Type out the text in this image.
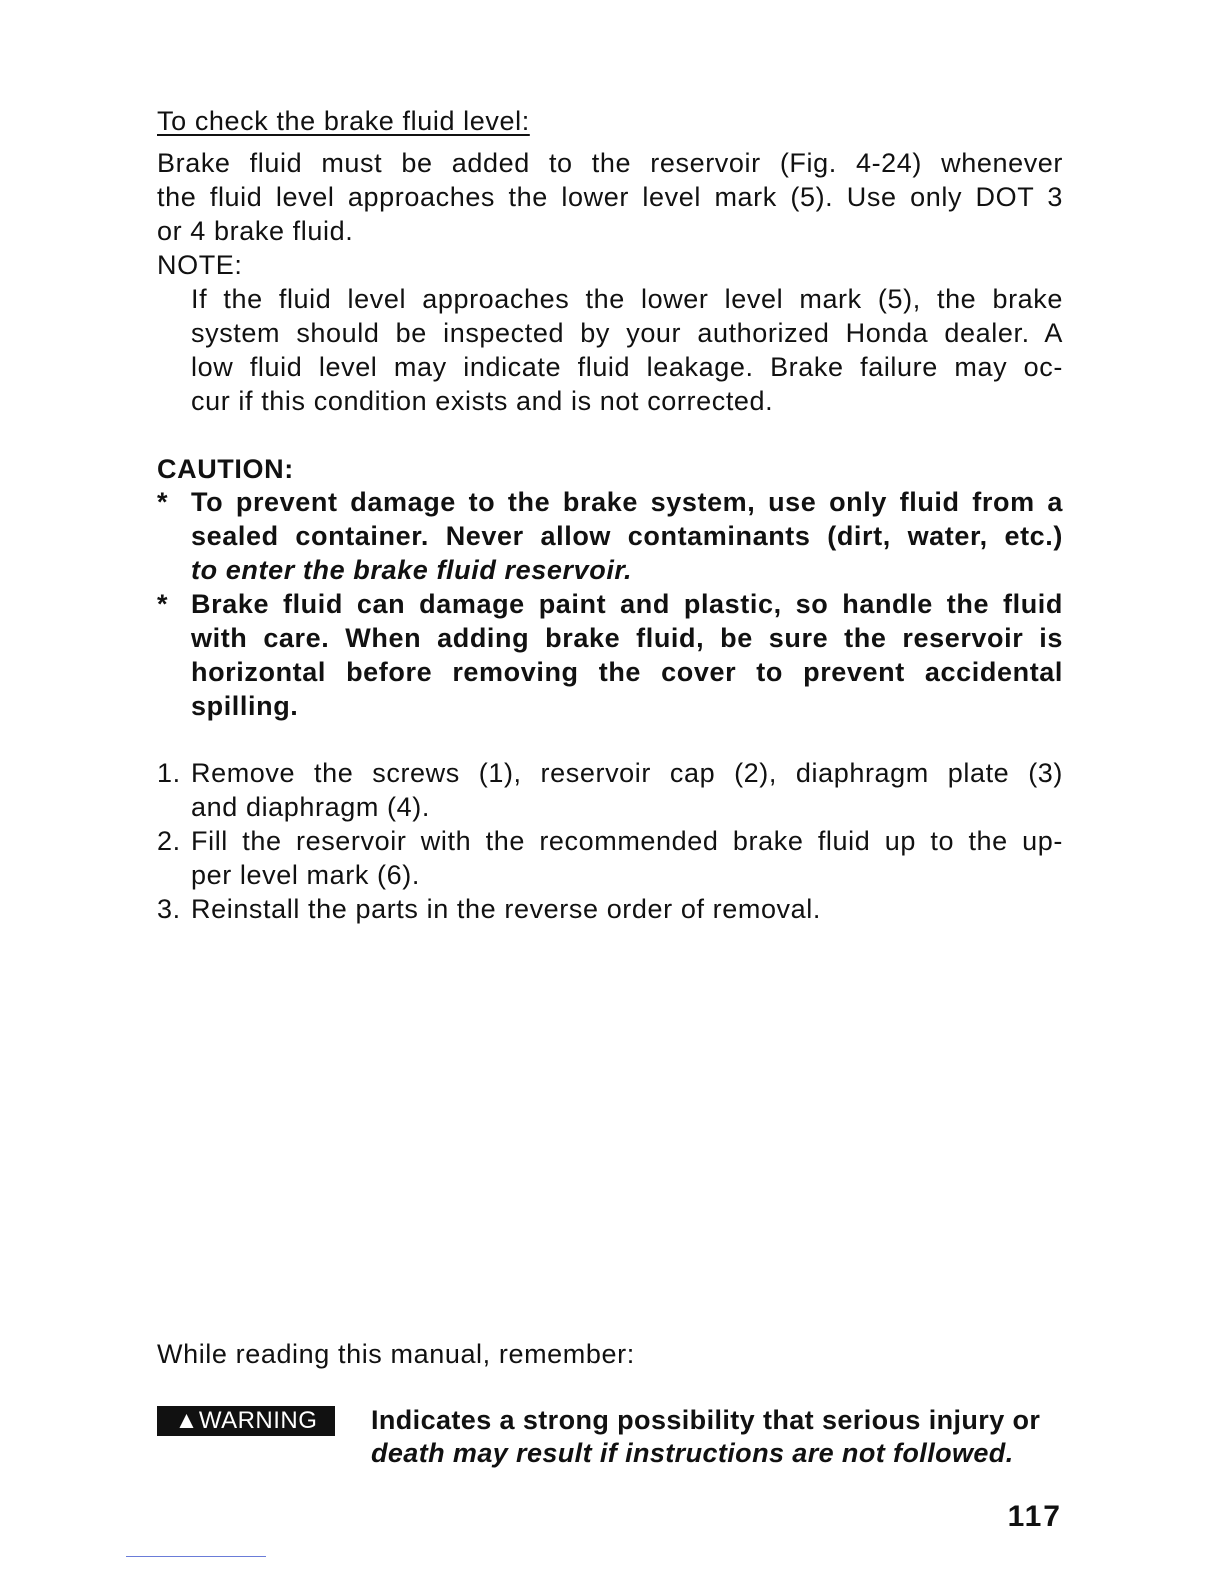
To check the brake fluid level:
Brake fluid must be added to the reservoir (Fig. 4-24) whenever
the fluid level approaches the lower level mark (5). Use only DOT 3
or 4 brake fluid.
NOTE:
If the fluid level approaches the lower level mark (5), the brake
system should be inspected by your authorized Honda dealer. A
low fluid level may indicate fluid leakage. Brake failure may oc-
cur if this condition exists and is not corrected.
CAUTION:
* To prevent damage to the brake system, use only fluid from a
sealed container. Never allow contaminants (dirt, water, etc.)
to enter the brake fluid reservoir.
* Brake fluid can damage paint and plastic, so handle the fluid
with care. When adding brake fluid, be sure the reservoir is
horizontal before removing the cover to prevent accidental
spilling.
1. Remove the screws (1), reservoir cap (2), diaphragm plate (3)
and diaphragm (4).
2. Fill the reservoir with the recommended brake fluid up to the up-
per level mark (6).
3. Reinstall the parts in the reverse order of removal.
While reading this manual, remember:
▲WARNING	Indicates a strong possibility that serious injury or
death may result if instructions are not followed.
117
